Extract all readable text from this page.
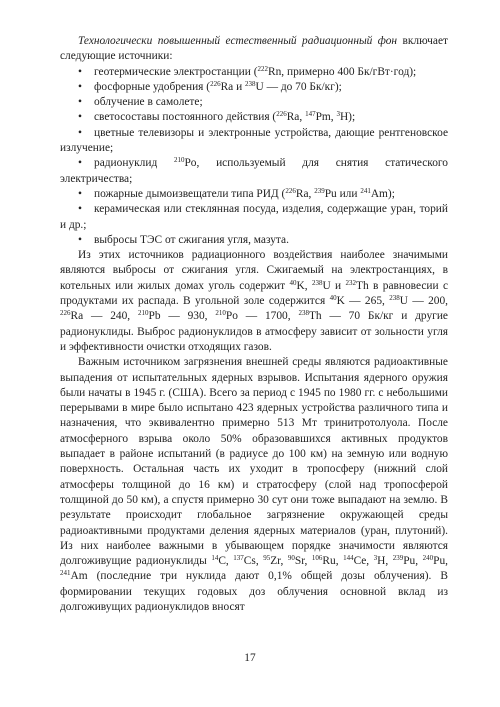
Технологически повышенный естественный радиационный фон включает следующие источники:

• геотермические электростанции ($^{222}$Rn, примерно 400 Бк/гВт·год);
• фосфорные удобрения ($^{226}$Ra и $^{238}$U — до 70 Бк/кг);
• облучение в самолете;
• светосоставы постоянного действия ($^{226}$Ra, $^{147}$Pm, $^3$H);
• цветные телевизоры и электронные устройства, дающие рентгеновское излучение;
• радионуклид $^{210}$Po, используемый для снятия статического электричества;
• пожарные дымоизвещатели типа РИД ($^{226}$Ra, $^{239}$Pu или $^{241}$Am);
• керамическая или стеклянная посуда, изделия, содержащие уран, торий и др.;
• выбросы ТЭС от сжигания угля, мазута.

Из этих источников радиационного воздействия наиболее значимыми являются выбросы от сжигания угля. Сжигаемый на электростанциях, в котельных или жилых домах уголь содержит $^{40}$K, $^{238}$U и $^{232}$Th в равновесии с продуктами их распада. В угольной золе содержится $^{40}$K — 265, $^{238}$U — 200, $^{226}$Ra — 240, $^{210}$Pb — 930, $^{210}$Po — 1700, $^{238}$Th — 70 Бк/кг и другие радионуклиды. Выброс радионуклидов в атмосферу зависит от зольности угля и эффективности очистки отходящих газов.

Важным источником загрязнения внешней среды являются радиоактивные выпадения от испытательных ядерных взрывов. Испытания ядерного оружия были начаты в 1945 г. (США). Всего за период с 1945 по 1980 гг. с небольшими перерывами в мире было испытано 423 ядерных устройства различного типа и назначения, что эквивалентно примерно 513 Мт тринитротолуола. После атмосферного взрыва около 50% образовавшихся активных продуктов выпадает в районе испытаний (в радиусе до 100 км) на земную или водную поверхность. Остальная часть их уходит в тропосферу (нижний слой атмосферы толщиной до 16 км) и стратосферу (слой над тропосферой толщиной до 50 км), а спустя примерно 30 сут они тоже выпадают на землю. В результате происходит глобальное загрязнение окружающей среды радиоактивными продуктами деления ядерных материалов (уран, плутоний). Из них наиболее важными в убывающем порядке значимости являются долгоживущие радионуклиды $^{14}$C, $^{137}$Cs, $^{95}$Zr, $^{90}$Sr, $^{106}$Ru, $^{144}$Ce, $^3$H, $^{239}$Pu, $^{240}$Pu, $^{241}$Am (последние три нуклида дают 0,1% общей дозы облучения). В формировании текущих годовых доз облучения основной вклад из долгоживущих радионуклидов вносят

17
